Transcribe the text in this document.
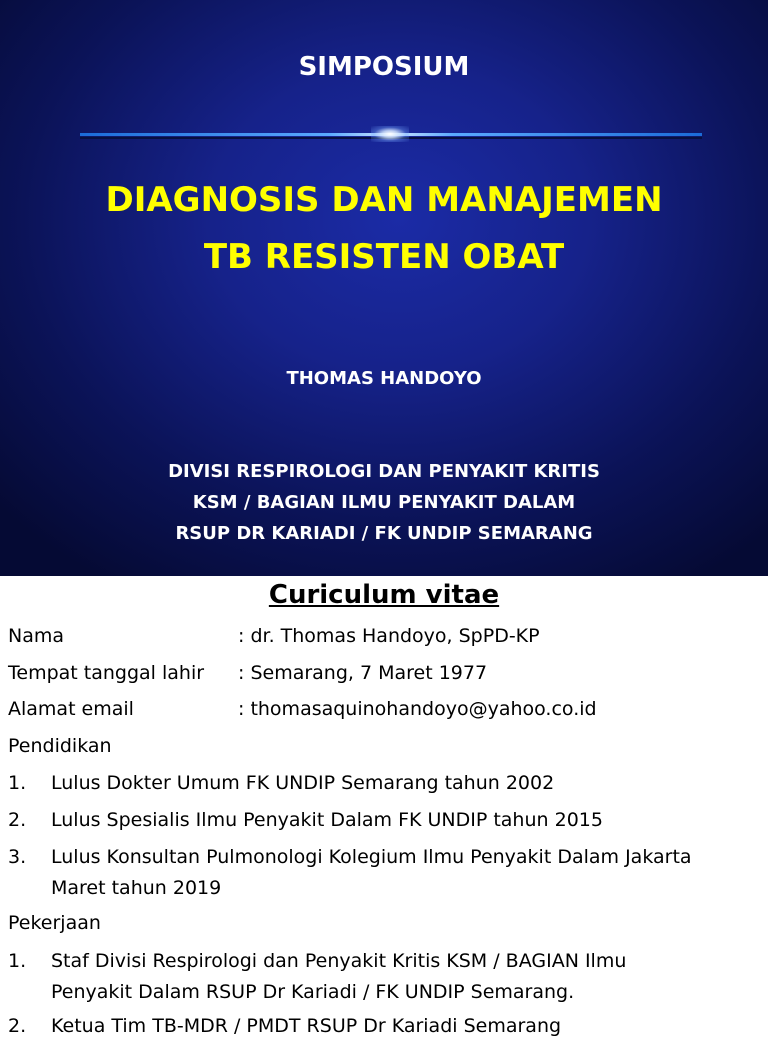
SIMPOSIUM
DIAGNOSIS DAN MANAJEMEN
TB RESISTEN OBAT
THOMAS HANDOYO
DIVISI RESPIROLOGI DAN PENYAKIT KRITIS
KSM / BAGIAN ILMU PENYAKIT DALAM
RSUP DR KARIADI / FK UNDIP SEMARANG
Curiculum vitae
Nama	: dr. Thomas Handoyo, SpPD-KP
Tempat tanggal lahir : Semarang, 7 Maret 1977
Alamat email	: thomasaquinohandoyo@yahoo.co.id
Pendidikan
1. Lulus Dokter Umum FK UNDIP Semarang tahun 2002
2. Lulus Spesialis Ilmu Penyakit Dalam FK UNDIP tahun 2015
3. Lulus Konsultan Pulmonologi Kolegium Ilmu Penyakit Dalam Jakarta
Maret tahun 2019
Pekerjaan
1. Staf Divisi Respirologi dan Penyakit Kritis KSM / BAGIAN Ilmu
Penyakit Dalam RSUP Dr Kariadi / FK UNDIP Semarang.
2. Ketua Tim TB-MDR / PMDT RSUP Dr Kariadi Semarang
